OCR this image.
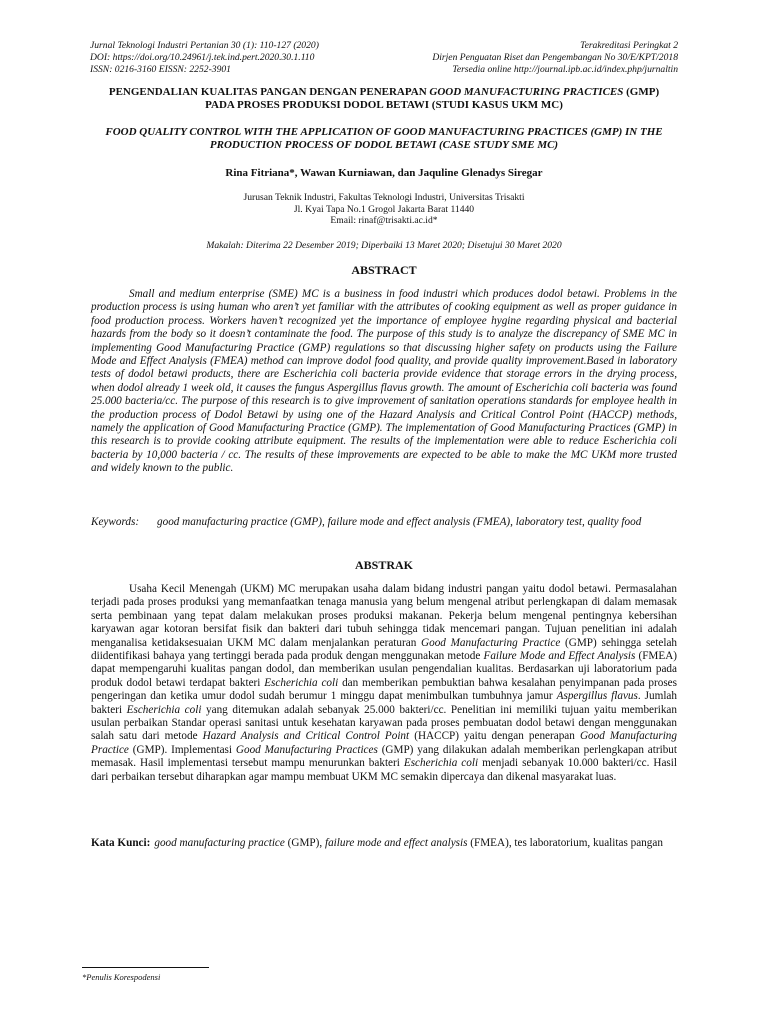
Jurnal Teknologi Industri Pertanian 30 (1): 110-127 (2020)
DOI: https://doi.org/10.24961/j.tek.ind.pert.2020.30.1.110
ISSN: 0216-3160 EISSN: 2252-3901
Terakreditasi Peringkat 2
Dirjen Penguatan Riset dan Pengembangan No 30/E/KPT/2018
Tersedia online http://journal.ipb.ac.id/index.php/jurnaltin
PENGENDALIAN KUALITAS PANGAN DENGAN PENERAPAN GOOD MANUFACTURING PRACTICES (GMP) PADA PROSES PRODUKSI DODOL BETAWI (STUDI KASUS UKM MC)
FOOD QUALITY CONTROL WITH THE APPLICATION OF GOOD MANUFACTURING PRACTICES (GMP) IN THE PRODUCTION PROCESS OF DODOL BETAWI (CASE STUDY SME MC)
Rina Fitriana*, Wawan Kurniawan, dan Jaquline Glenadys Siregar
Jurusan Teknik Industri, Fakultas Teknologi Industri, Universitas Trisakti
Jl. Kyai Tapa No.1 Grogol Jakarta Barat 11440
Email: rinaf@trisakti.ac.id*
Makalah: Diterima 22 Desember 2019; Diperbaiki 13 Maret 2020; Disetujui 30 Maret 2020
ABSTRACT

Small and medium enterprise (SME) MC is a business in food industri which produces dodol betawi. Problems in the production process is using human who aren’t yet familiar with the attributes of cooking equipment as well as proper guidance in food production process. Workers haven’t recognized yet the importance of employee hygine regarding physical and bacterial hazards from the body so it doesn’t contaminate the food. The purpose of this study is to analyze the discrepancy of SME MC in implementing Good Manufacturing Practice (GMP) regulations so that discussing higher safety on products using the Failure Mode and Effect Analysis (FMEA) method can improve dodol food quality, and provide quality improvement.Based in laboratory tests of dodol betawi products, there are Escherichia coli bacteria provide evidence that storage errors in the drying process, when dodol already 1 week old, it causes the fungus Aspergillus flavus growth. The amount of Escherichia coli bacteria was found 25.000 bacteria/cc. The purpose of this research is to give improvement of sanitation operations standards for employee health in the production process of Dodol Betawi by using one of the Hazard Analysis and Critical Control Point (HACCP) methods, namely the application of Good Manufacturing Practice (GMP). The implementation of Good Manufacturing Practices (GMP) in this research is to provide cooking attribute equipment. The results of the implementation were able to reduce Escherichia coli bacteria by 10,000 bacteria / cc. The results of these improvements are expected to be able to make the MC UKM more trusted and widely known to the public.

Keywords:	good manufacturing practice (GMP), failure mode and effect analysis (FMEA), laboratory test, quality food
ABSTRAK

Usaha Kecil Menengah (UKM) MC merupakan usaha dalam bidang industri pangan yaitu dodol betawi. Permasalahan terjadi pada proses produksi yang memanfaatkan tenaga manusia yang belum mengenal atribut perlengkapan di dalam memasak serta pembinaan yang tepat dalam melakukan proses produksi makanan. Pekerja belum mengenal pentingnya kebersihan karyawan agar kotoran bersifat fisik dan bakteri dari tubuh sehingga tidak mencemari pangan. Tujuan penelitian ini adalah menganalisa ketidaksesuaian UKM MC dalam menjalankan peraturan Good Manufacturing Practice (GMP) sehingga setelah diidentifikasi bahaya yang tertinggi berada pada produk dengan menggunakan metode Failure Mode and Effect Analysis (FMEA) dapat mempengaruhi kualitas pangan dodol, dan memberikan usulan pengendalian kualitas. Berdasarkan uji laboratorium pada produk dodol betawi terdapat bakteri Escherichia coli dan memberikan pembuktian bahwa kesalahan penyimpanan pada proses pengeringan dan ketika umur dodol sudah berumur 1 minggu dapat menimbulkan tumbuhnya jamur Aspergillus flavus. Jumlah bakteri Escherichia coli yang ditemukan adalah sebanyak 25.000 bakteri/cc. Penelitian ini memiliki tujuan yaitu memberikan usulan perbaikan Standar operasi sanitasi untuk kesehatan karyawan pada proses pembuatan dodol betawi dengan menggunakan salah satu dari metode Hazard Analysis and Critical Control Point (HACCP) yaitu dengan penerapan Good Manufacturing Practice (GMP). Implementasi Good Manufacturing Practices (GMP) yang dilakukan adalah memberikan perlengkapan atribut memasak. Hasil implementasi tersebut mampu menurunkan bakteri Escherichia coli menjadi sebanyak 10.000 bakteri/cc. Hasil dari perbaikan tersebut diharapkan agar mampu membuat UKM MC semakin dipercaya dan dikenal masyarakat luas.

Kata Kunci: good manufacturing practice (GMP), failure mode and effect analysis (FMEA), tes laboratorium, kualitas pangan
*Penulis Korespodensi
